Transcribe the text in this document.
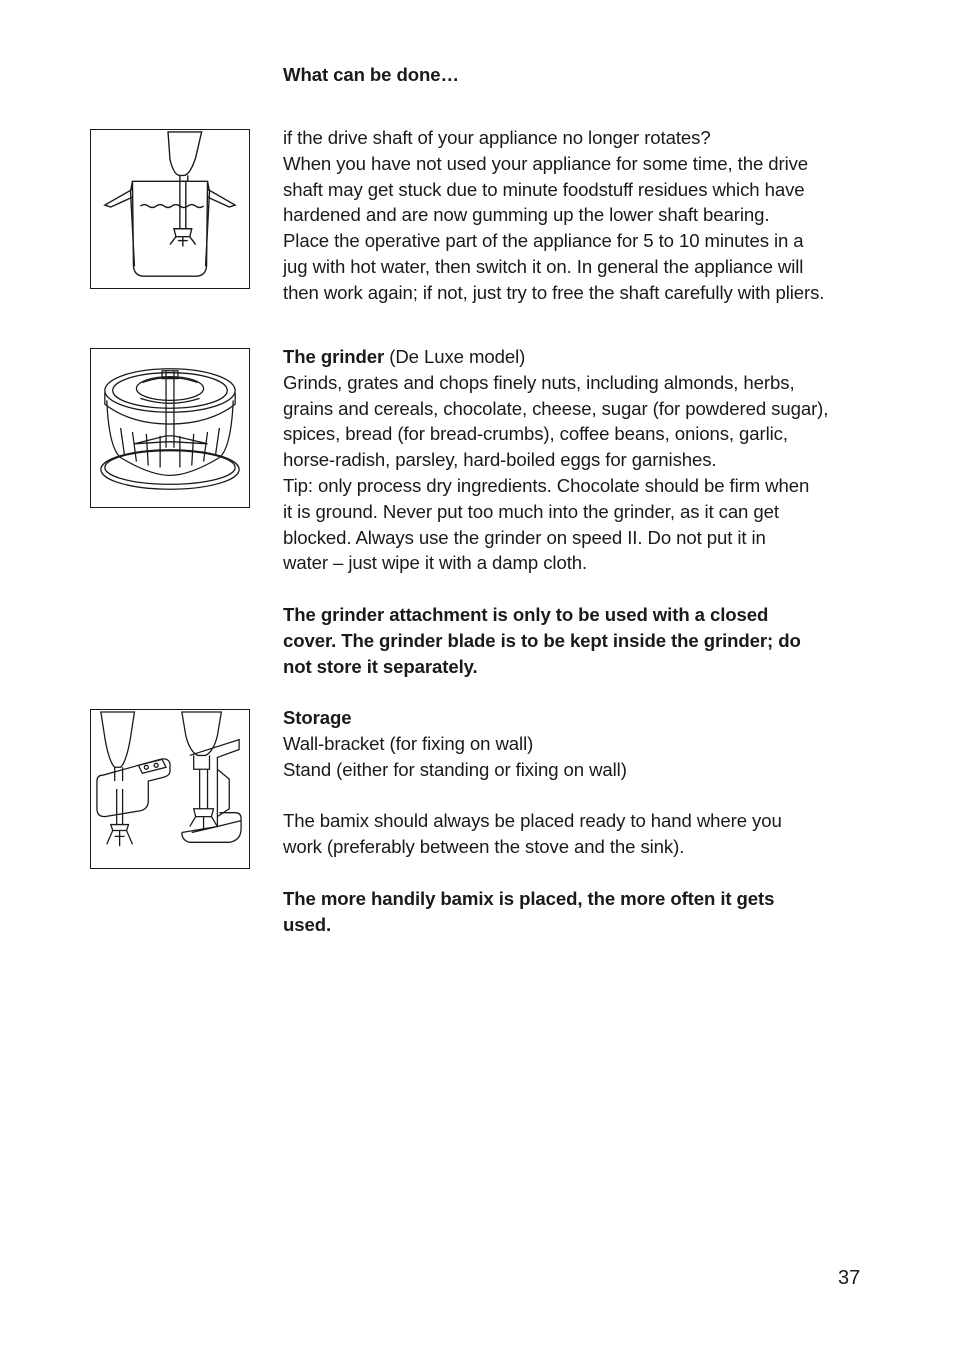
What can be done…

if the drive shaft of your appliance no longer rotates?

When you have not used your appliance for some time, the drive

shaft may get stuck due to minute foodstuff residues which have

hardened and are now gumming up the lower shaft bearing.

Place the operative part of the appliance for 5 to 10 minutes in a

jug with hot water, then switch it on. In general the appliance will

then work again; if not, just try to free the shaft carefully with pliers.

The grinder (De Luxe model)

Grinds, grates and chops finely nuts, including almonds, herbs,

grains and cereals, chocolate, cheese, sugar (for powdered sugar),

spices, bread (for bread-crumbs), coffee beans, onions, garlic,

horse-radish, parsley, hard-boiled eggs for garnishes.

Tip: only process dry ingredients. Chocolate should be firm when

it is ground. Never put too much into the grinder, as it can get

blocked. Always use the grinder on speed II. Do not put it in

water – just wipe it with a damp cloth.

The grinder attachment is only to be used with a closed

cover. The grinder blade is to be kept inside the grinder; do

not store it separately.

Storage

Wall-bracket (for fixing on wall)

Stand (either for standing or fixing on wall)

The bamix should always be placed ready to hand where you

work (preferably between the stove and the sink).

The more handily bamix is placed, the more often it gets

used.

37
